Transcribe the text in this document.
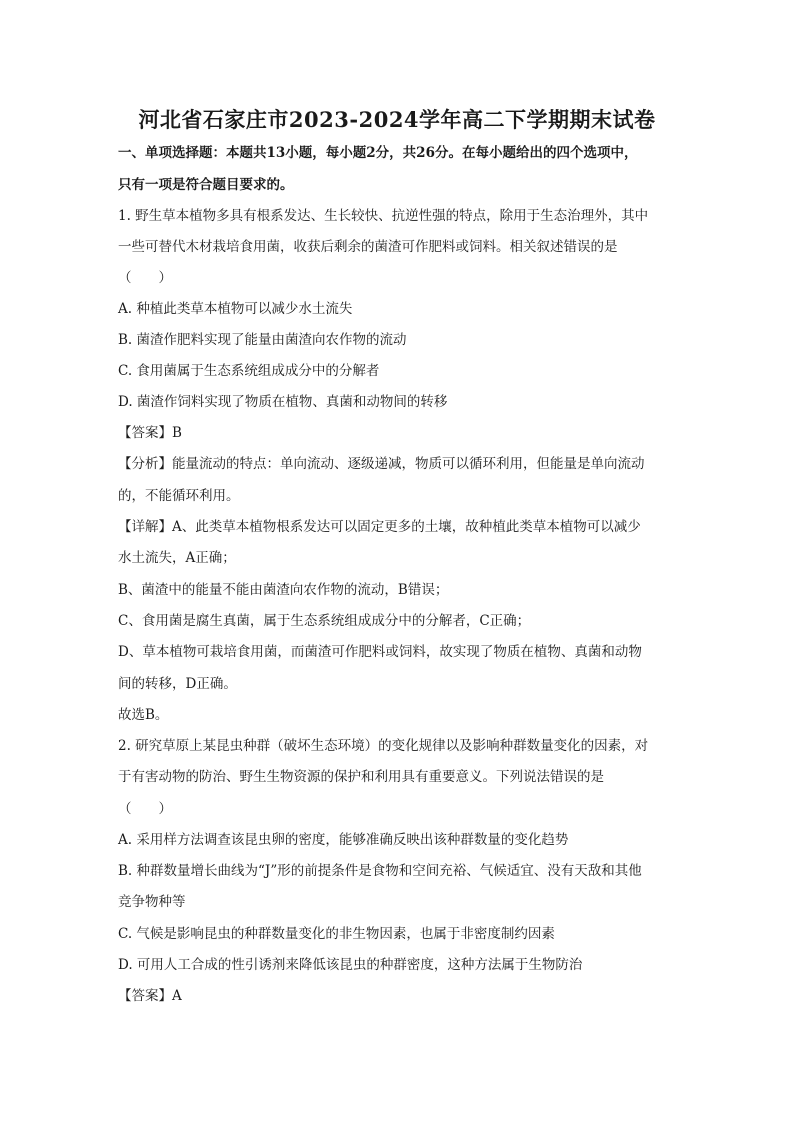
河北省石家庄市2023-2024学年高二下学期期末试卷
一、单项选择题：本题共13小题，每小题2分，共26分。在每小题给出的四个选项中，
只有一项是符合题目要求的。
1. 野生草本植物多具有根系发达、生长较快、抗逆性强的特点，除用于生态治理外，其中
一些可替代木材栽培食用菌，收获后剩余的菌渣可作肥料或饲料。相关叙述错误的是
（　　）
A. 种植此类草本植物可以减少水土流失
B. 菌渣作肥料实现了能量由菌渣向农作物的流动
C. 食用菌属于生态系统组成成分中的分解者
D. 菌渣作饲料实现了物质在植物、真菌和动物间的转移
【答案】B
【分析】能量流动的特点：单向流动、逐级递减，物质可以循环利用，但能量是单向流动
的，不能循环利用。
【详解】A、此类草本植物根系发达可以固定更多的土壤，故种植此类草本植物可以减少
水土流失，A正确；
B、菌渣中的能量不能由菌渣向农作物的流动，B错误；
C、食用菌是腐生真菌，属于生态系统组成成分中的分解者，C正确；
D、草本植物可栽培食用菌，而菌渣可作肥料或饲料，故实现了物质在植物、真菌和动物
间的转移，D正确。
故选B。
2. 研究草原上某昆虫种群（破坏生态环境）的变化规律以及影响种群数量变化的因素，对
于有害动物的防治、野生生物资源的保护和利用具有重要意义。下列说法错误的是
（　　）
A. 采用样方法调查该昆虫卵的密度，能够准确反映出该种群数量的变化趋势
B. 种群数量增长曲线为“J”形的前提条件是食物和空间充裕、气候适宜、没有天敌和其他
竞争物种等
C. 气候是影响昆虫的种群数量变化的非生物因素，也属于非密度制约因素
D. 可用人工合成的性引诱剂来降低该昆虫的种群密度，这种方法属于生物防治
【答案】A
